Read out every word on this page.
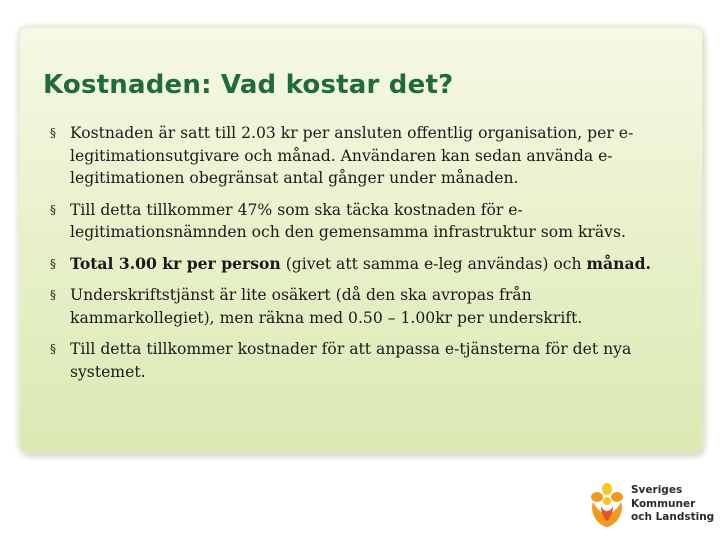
Kostnaden: Vad kostar det?
§ Kostnaden är satt till 2.03 kr per ansluten offentlig organisation, per e-legitimationsutgivare och månad. Användaren kan sedan använda e-legitimationen obegränsat antal gånger under månaden.
§ Till detta tillkommer 47% som ska täcka kostnaden för e-legitimationsnämnden och den gemensamma infrastruktur som krävs.
§ Total 3.00 kr per person (givet att samma e-leg användas) och månad.
§ Underskriftstjänst är lite osäkert (då den ska avropas från kammarkollegiet), men räkna med 0.50 – 1.00kr per underskrift.
§ Till detta tillkommer kostnader för att anpassa e-tjänsterna för det nya systemet.
Sveriges
Kommuner
och Landsting
